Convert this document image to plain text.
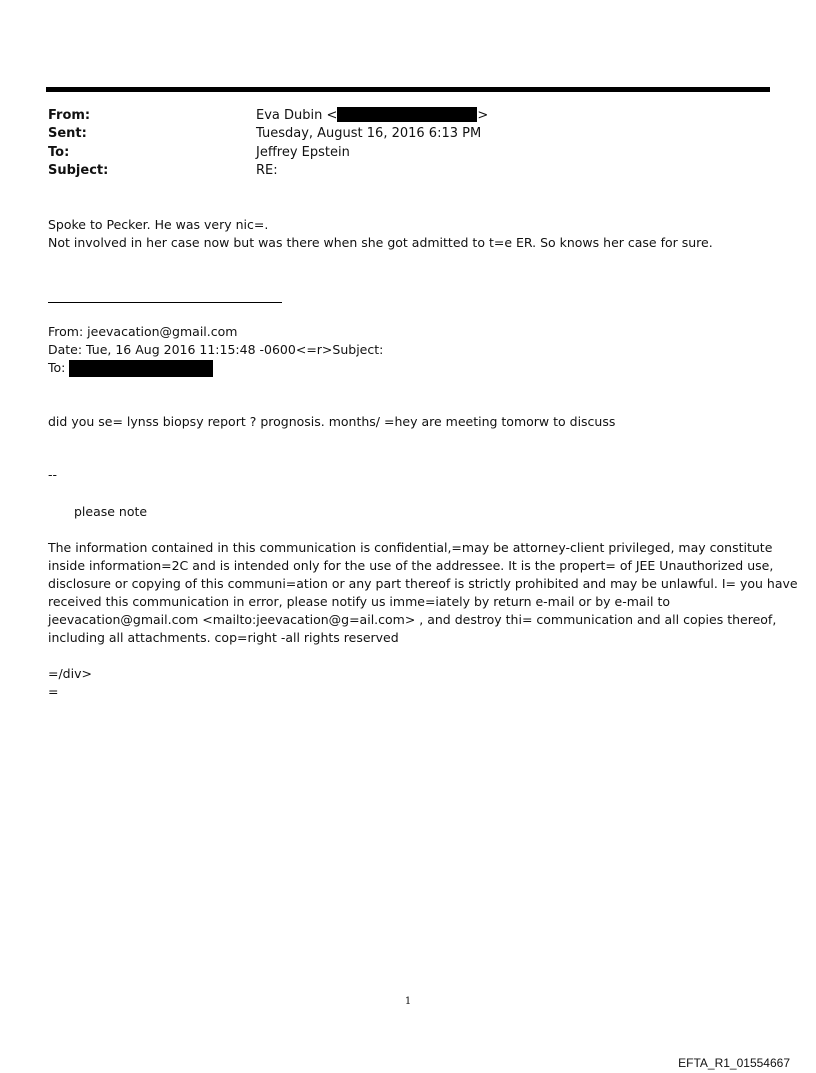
From:	Eva Dubin <	>
Sent:	Tuesday, August 16, 2016 6:13 PM
To:	Jeffrey Epstein
Subject:	RE:
Spoke to Pecker. He was very nic=.
Not involved in her case now but was there when she got admitted to t=e ER. So knows her case for sure.
From: jeevacation@gmail.com
Date: Tue, 16 Aug 2016 11:15:48 -0600<=r>Subject:
To:
did you se= lynss biopsy report ? prognosis. months/ =hey are meeting tomorw to discuss
--
please note
The information contained in this communication is confidential,=may be attorney-client privileged, may constitute
inside information=2C and is intended only for the use of the addressee. It is the propert= of JEE Unauthorized use,
disclosure or copying of this communi=ation or any part thereof is strictly prohibited and may be unlawful. I= you have
received this communication in error, please notify us imme=iately by return e-mail or by e-mail to
jeevacation@gmail.com <mailto:jeevacation@g=ail.com> , and destroy thi= communication and all copies thereof,
including all attachments. cop=right -all rights reserved
=/div>
=
1
EFTA_R1_01554667
